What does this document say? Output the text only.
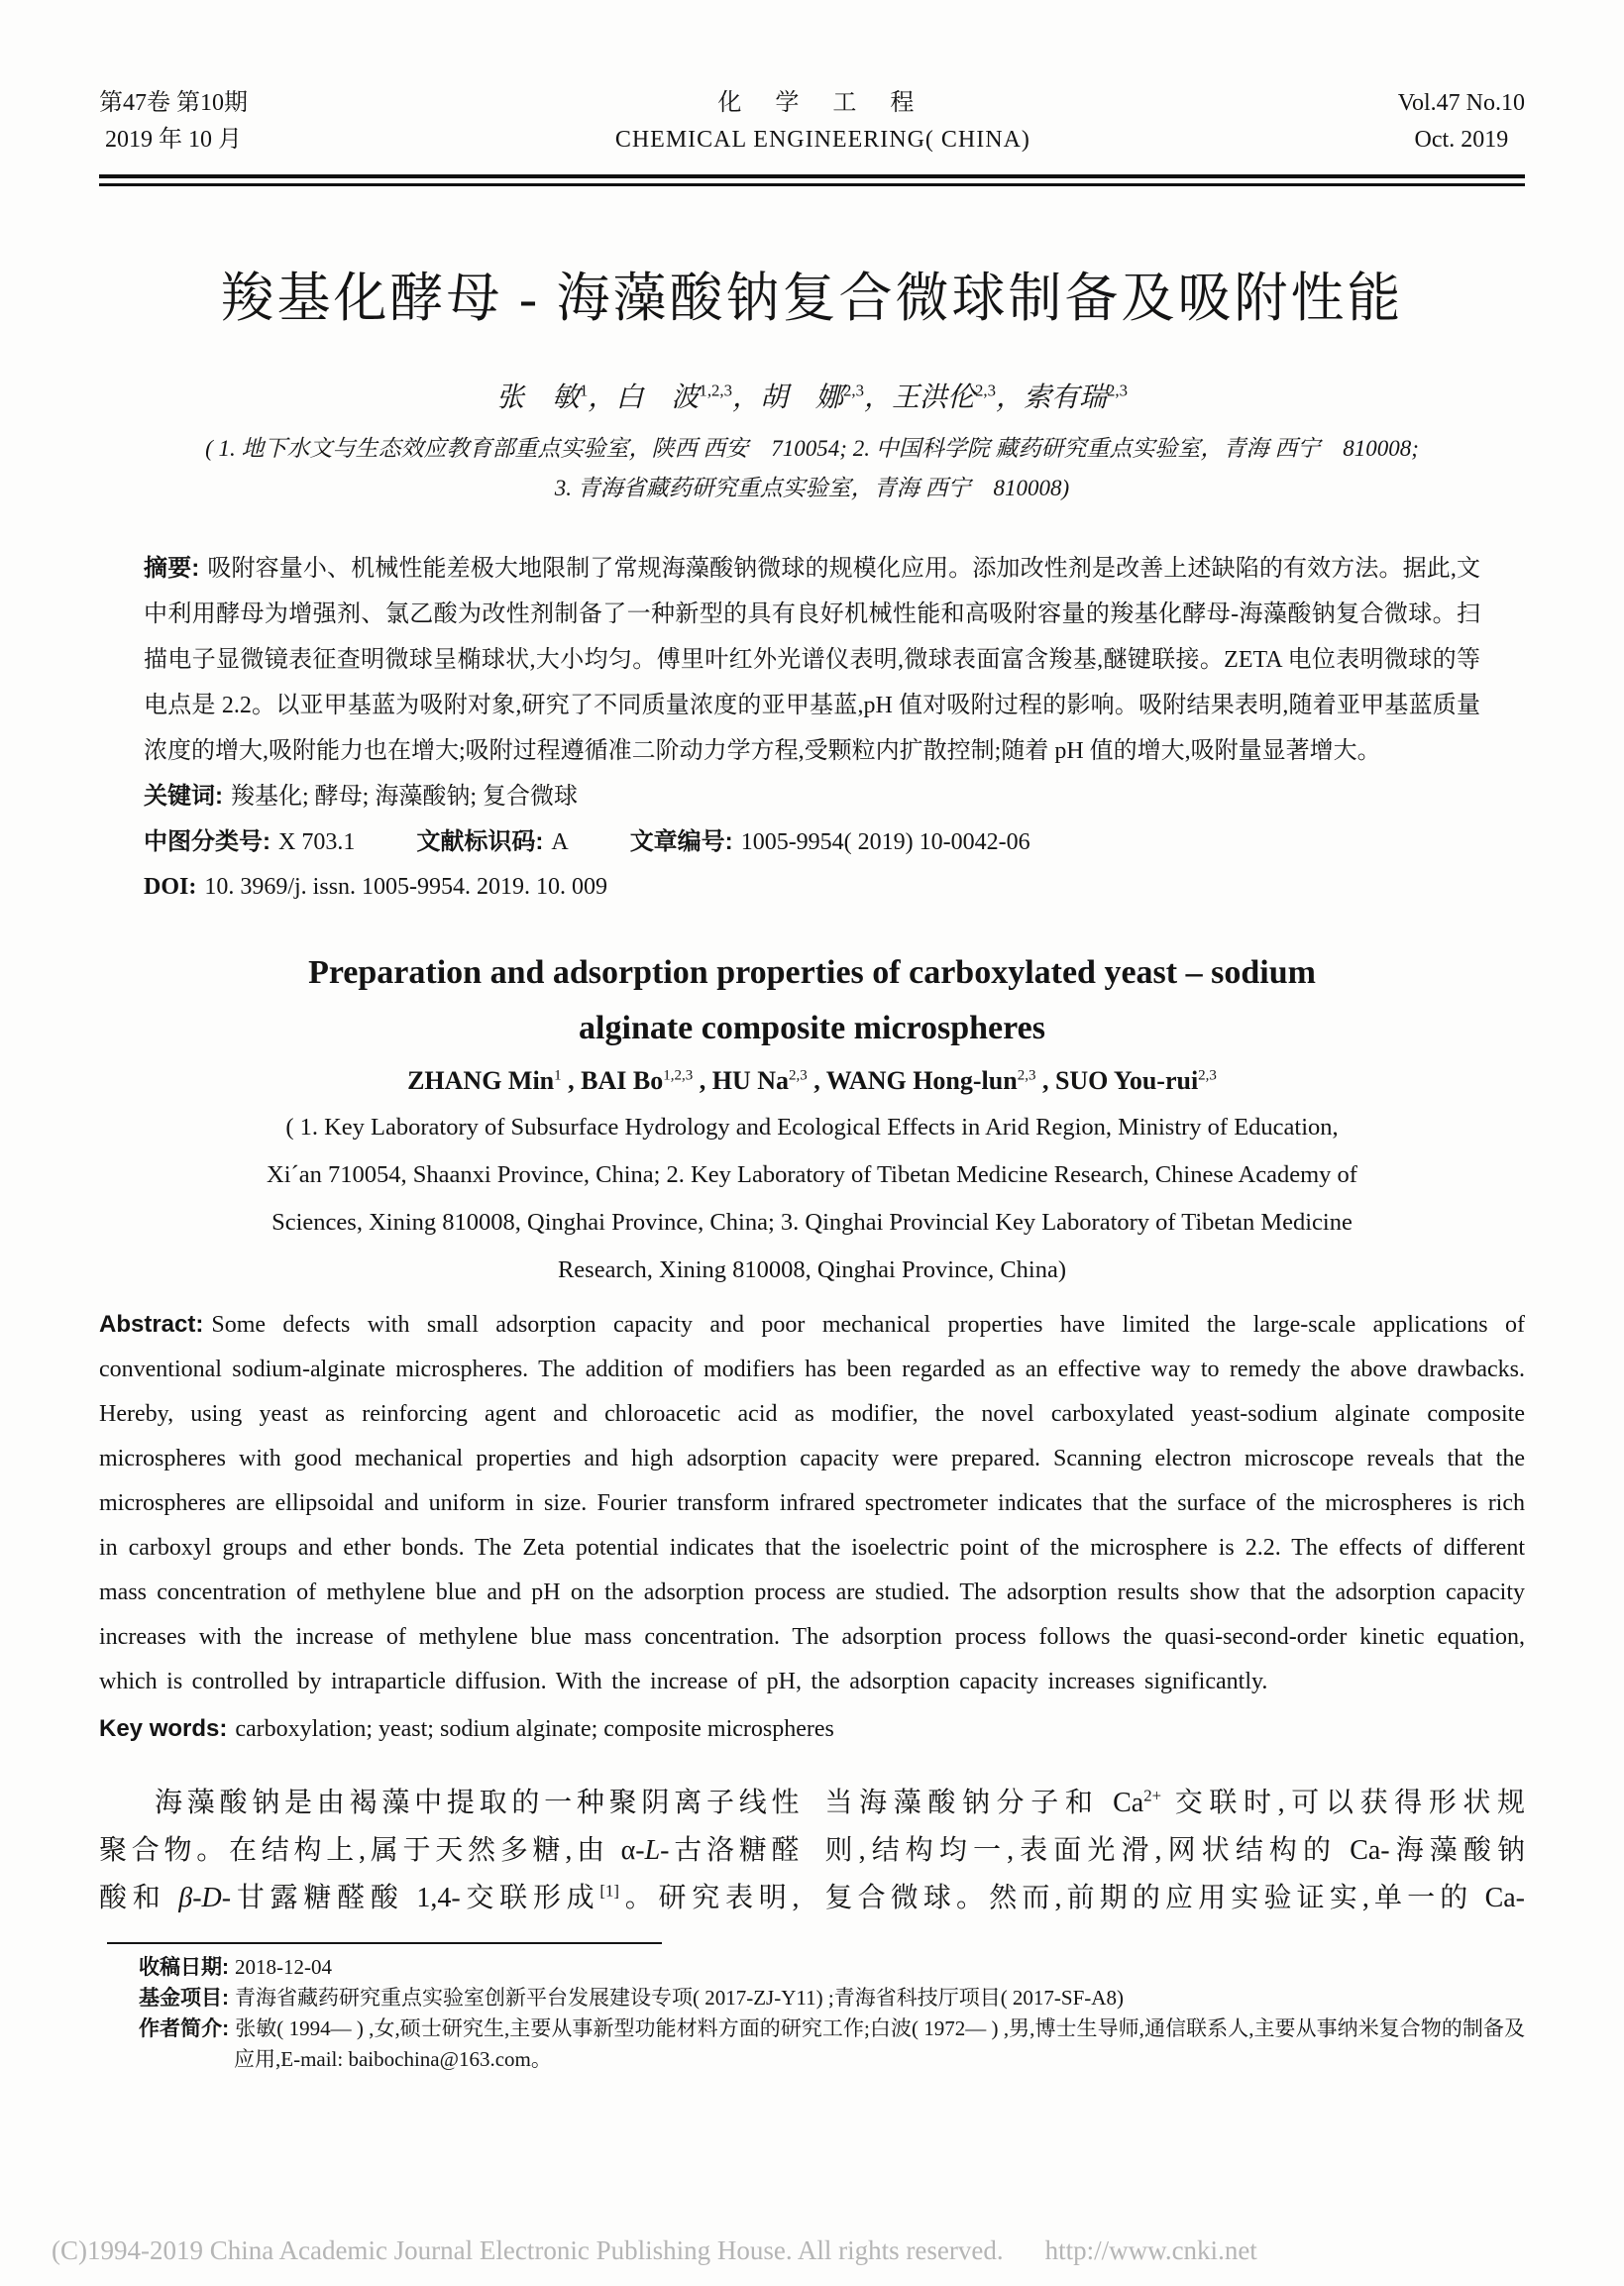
第47卷 第10期
2019 年 10 月
化 学 工 程
CHEMICAL ENGINEERING( CHINA)
Vol.47 No.10
Oct. 2019
羧基化酵母 - 海藻酸钠复合微球制备及吸附性能
张　敏$^1$，白　波$^{1,2,3}$，胡　娜$^{2,3}$，王洪伦$^{2,3}$，索有瑞$^{2,3}$
( 1. 地下水文与生态效应教育部重点实验室，陕西 西安　710054; 2. 中国科学院 藏药研究重点实验室，青海 西宁　810008;
3. 青海省藏药研究重点实验室，青海 西宁　810008)
摘要: 吸附容量小、机械性能差极大地限制了常规海藻酸钠微球的规模化应用。添加改性剂是改善上述缺陷的有效方法。据此,文中利用酵母为增强剂、氯乙酸为改性剂制备了一种新型的具有良好机械性能和高吸附容量的羧基化酵母-海藻酸钠复合微球。扫描电子显微镜表征查明微球呈椭球状,大小均匀。傅里叶红外光谱仪表明,微球表面富含羧基,醚键联接。ZETA 电位表明微球的等电点是 2.2。以亚甲基蓝为吸附对象,研究了不同质量浓度的亚甲基蓝,pH 值对吸附过程的影响。吸附结果表明,随着亚甲基蓝质量浓度的增大,吸附能力也在增大;吸附过程遵循准二阶动力学方程,受颗粒内扩散控制;随着 pH 值的增大,吸附量显著增大。
关键词: 羧基化; 酵母; 海藻酸钠; 复合微球
中图分类号: X 703.1	文献标识码: A	文章编号: 1005-9954( 2019) 10-0042-06
DOI: 10. 3969/j. issn. 1005-9954. 2019. 10. 009
Preparation and adsorption properties of carboxylated yeast – sodium
alginate composite microspheres
ZHANG Min$^1$ , BAI Bo$^{1,2,3}$ , HU Na$^{2,3}$ , WANG Hong-lun$^{2,3}$ , SUO You-rui$^{2,3}$
( 1. Key Laboratory of Subsurface Hydrology and Ecological Effects in Arid Region, Ministry of Education,
Xi´an 710054, Shaanxi Province, China; 2. Key Laboratory of Tibetan Medicine Research, Chinese Academy of
Sciences, Xining 810008, Qinghai Province, China; 3. Qinghai Provincial Key Laboratory of Tibetan Medicine
Research, Xining 810008, Qinghai Province, China)
Abstract: Some defects with small adsorption capacity and poor mechanical properties have limited the large-scale applications of conventional sodium-alginate microspheres. The addition of modifiers has been regarded as an effective way to remedy the above drawbacks. Hereby, using yeast as reinforcing agent and chloroacetic acid as modifier, the novel carboxylated yeast-sodium alginate composite microspheres with good mechanical properties and high adsorption capacity were prepared. Scanning electron microscope reveals that the microspheres are ellipsoidal and uniform in size. Fourier transform infrared spectrometer indicates that the surface of the microspheres is rich in carboxyl groups and ether bonds. The Zeta potential indicates that the isoelectric point of the microsphere is 2.2. The effects of different mass concentration of methylene blue and pH on the adsorption process are studied. The adsorption results show that the adsorption capacity increases with the increase of methylene blue mass concentration. The adsorption process follows the quasi-second-order kinetic equation, which is controlled by intraparticle diffusion. With the increase of pH, the adsorption capacity increases significantly.
Key words: carboxylation; yeast; sodium alginate; composite microspheres
海藻酸钠是由褐藻中提取的一种聚阴离子线性
聚合物。在结构上,属于天然多糖,由 α-L-古洛糖醛
酸和 β-D-甘露糖醛酸 1,4-交联形成[1]。研究表明,
当海藻酸钠分子和 $Ca^{2+}$ 交联时,可以获得形状规
则,结构均一,表面光滑,网状结构的 Ca-海藻酸钠
复合微球。然而,前期的应用实验证实,单一的 Ca-
收稿日期: 2018-12-04
基金项目: 青海省藏药研究重点实验室创新平台发展建设专项( 2017-ZJ-Y11) ;青海省科技厅项目( 2017-SF-A8)
作者简介: 张敏( 1994— ) ,女,硕士研究生,主要从事新型功能材料方面的研究工作;白波( 1972— ) ,男,博士生导师,通信联系人,主要从事纳米复合物的制备及应用,E-mail: baibochina@163.com。
(C)1994-2019 China Academic Journal Electronic Publishing House. All rights reserved. http://www.cnki.net
